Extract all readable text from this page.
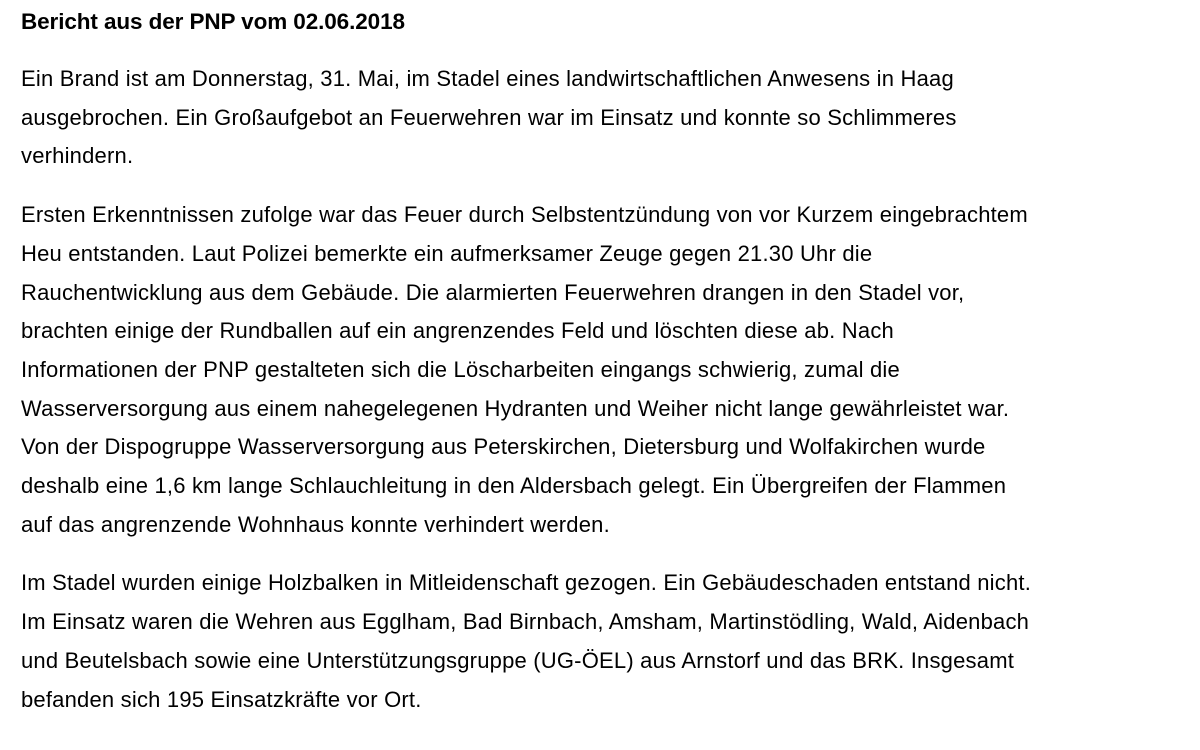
Bericht aus der PNP vom 02.06.2018
Ein Brand ist am Donnerstag, 31. Mai, im Stadel eines landwirtschaftlichen Anwesens in Haag
ausgebrochen. Ein Großaufgebot an Feuerwehren war im Einsatz und konnte so Schlimmeres
verhindern.
Ersten Erkenntnissen zufolge war das Feuer durch Selbstentzündung von vor Kurzem eingebrachtem
Heu entstanden. Laut Polizei bemerkte ein aufmerksamer Zeuge gegen 21.30 Uhr die
Rauchentwicklung aus dem Gebäude. Die alarmierten Feuerwehren drangen in den Stadel vor,
brachten einige der Rundballen auf ein angrenzendes Feld und löschten diese ab. Nach
Informationen der PNP gestalteten sich die Löscharbeiten eingangs schwierig, zumal die
Wasserversorgung aus einem nahegelegenen Hydranten und Weiher nicht lange gewährleistet war.
Von der Dispogruppe Wasserversorgung aus Peterskirchen, Dietersburg und Wolfakirchen wurde
deshalb eine 1,6 km lange Schlauchleitung in den Aldersbach gelegt. Ein Übergreifen der Flammen
auf das angrenzende Wohnhaus konnte verhindert werden.
Im Stadel wurden einige Holzbalken in Mitleidenschaft gezogen. Ein Gebäudeschaden entstand nicht.
Im Einsatz waren die Wehren aus Egglham, Bad Birnbach, Amsham, Martinstödling, Wald, Aidenbach
und Beutelsbach sowie eine Unterstützungsgruppe (UG-ÖEL) aus Arnstorf und das BRK. Insgesamt
befanden sich 195 Einsatzkräfte vor Ort.
